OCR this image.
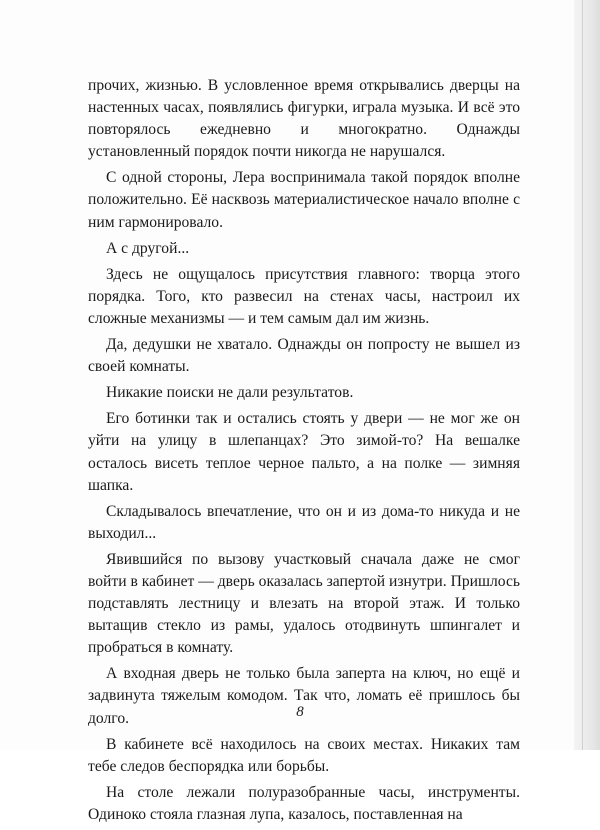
прочих, жизнью. В условленное время открывались дверцы на настенных часах, появлялись фигурки, играла музыка. И всё это повторялось ежедневно и многократно. Однажды установленный порядок почти никогда не нарушался.

С одной стороны, Лера воспринимала такой порядок вполне положительно. Её насквозь материалистическое начало вполне с ним гармонировало.

А с другой...

Здесь не ощущалось присутствия главного: творца этого порядка. Того, кто развесил на стенах часы, настроил их сложные механизмы — и тем самым дал им жизнь.

Да, дедушки не хватало. Однажды он попросту не вышел из своей комнаты.

Никакие поиски не дали результатов.

Его ботинки так и остались стоять у двери — не мог же он уйти на улицу в шлепанцах? Это зимой-то? На вешалке осталось висеть теплое черное пальто, а на полке — зимняя шапка.

Складывалось впечатление, что он и из дома-то никуда и не выходил...

Явившийся по вызову участковый сначала даже не смог войти в кабинет — дверь оказалась запертой изнутри. Пришлось подставлять лестницу и влезать на второй этаж. И только вытащив стекло из рамы, удалось отодвинуть шпингалет и пробраться в комнату.

А входная дверь не только была заперта на ключ, но ещё и задвинута тяжелым комодом. Так что, ломать её пришлось бы долго.

В кабинете всё находилось на своих местах. Никаких там тебе следов беспорядка или борьбы.

На столе лежали полуразобранные часы, инструменты. Одиноко стояла глазная лупа, казалось, поставленная на

8
